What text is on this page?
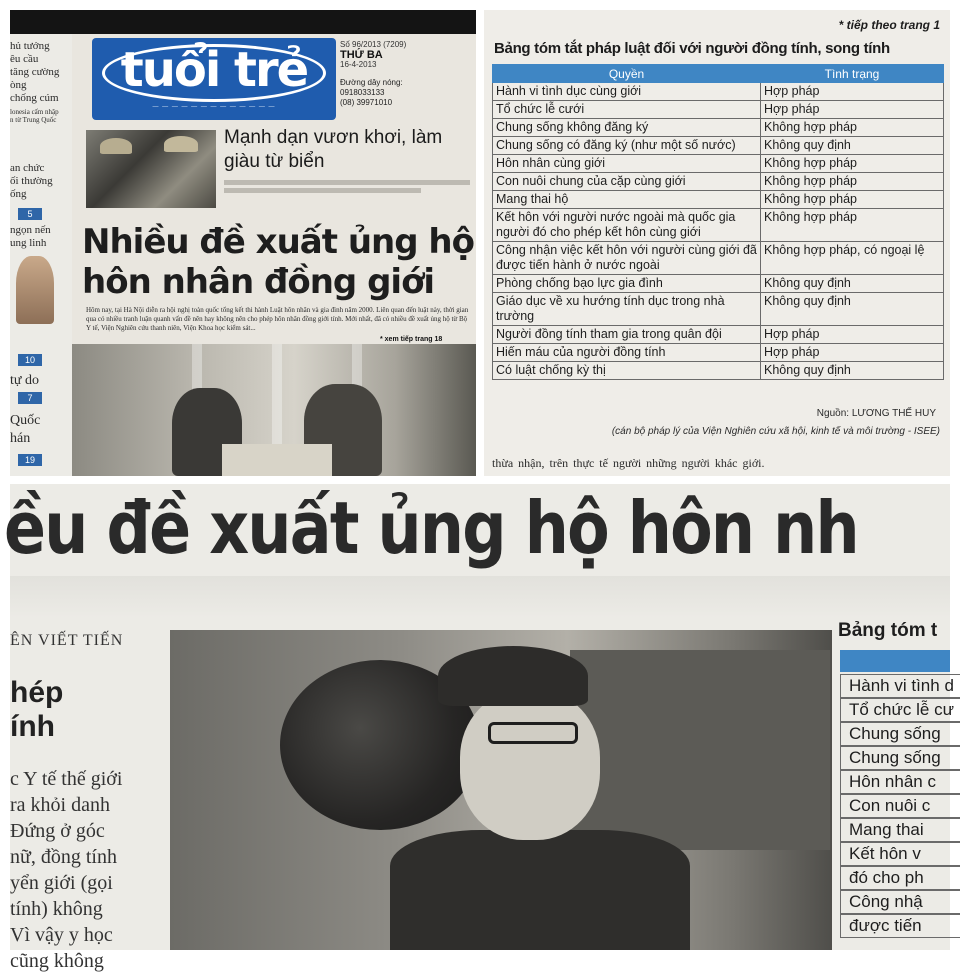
hủ tướng
êu cầu
tăng cường
òng
chống cúm
lonesia cấm nhập
n từ Trung Quốc
an chức
ối thường
ống
5
ngọn nến
ung linh
10
tự do
7
Quốc
hán
19
tuổi trẻ
— — — — — — — — — — — — —
Số 96/2013 (7209)
THỨ BA
16-4-2013
Đường dây nóng:
0918033133
(08) 39971010
Mạnh dạn vươn khơi, làm giàu từ biển
Nhiều đề xuất ủng hộ hôn nhân đồng giới
Hôm nay, tại Hà Nội diễn ra hội nghị toàn quốc tổng kết thi hành Luật hôn nhân và gia đình năm 2000. Liên quan đến luật này, thời gian qua có nhiều tranh luận quanh vấn đề nên hay không nên cho phép hôn nhân đồng giới tính. Mới nhất, đã có nhiều đề xuất ủng hộ từ Bộ Y tế, Viện Nghiên cứu thanh niên, Viện Khoa học kiểm sát...
* xem tiếp trang 18
* tiếp theo trang 1
Bảng tóm tắt pháp luật đối với người đồng tính, song tính
Quyền	Tình trạng
Hành vi tình dục cùng giới	Hợp pháp
Tổ chức lễ cưới	Hợp pháp
Chung sống không đăng ký	Không hợp pháp
Chung sống có đăng ký (như một số nước)	Không quy định
Hôn nhân cùng giới	Không hợp pháp
Con nuôi chung của cặp cùng giới	Không hợp pháp
Mang thai hộ	Không hợp pháp
Kết hôn với người nước ngoài mà quốc gia người đó cho phép kết hôn cùng giới	Không hợp pháp
Công nhận việc kết hôn với người cùng giới đã được tiến hành ở nước ngoài	Không hợp pháp, có ngoại lệ
Phòng chống bạo lực gia đình	Không quy định
Giáo dục về xu hướng tính dục trong nhà trường	Không quy định
Người đồng tính tham gia trong quân đội	Hợp pháp
Hiến máu của người đồng tính	Hợp pháp
Có luật chống kỳ thị	Không quy định
Nguồn: LƯƠNG THẾ HUY
(cán bộ pháp lý của Viện Nghiên cứu xã hội, kinh tế và môi trường - ISEE)
thừa nhận, trên thực tế người những người khác giới.
ều đề xuất ủng hộ hôn nh
ÊN VIẾT TIẾN
hép
ính
c Y tế thế giới
ra khỏi danh
Đứng ở góc
nữ, đồng tính
yển giới (gọi
tính) không
Vì vậy y học
cũng không
Bảng tóm t
Hành vi tình d
Tổ chức lễ cư
Chung sống
Chung sống
Hôn nhân c
Con nuôi c
Mang thai
Kết hôn v
đó cho ph
Công nhậ
được tiến
